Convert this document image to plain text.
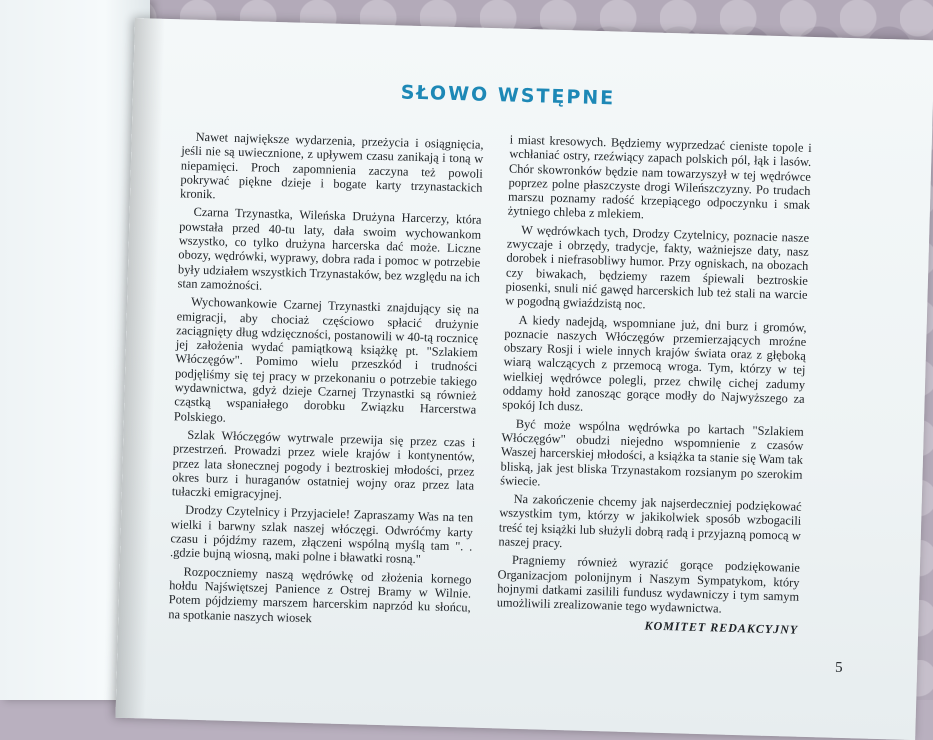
SŁOWO WSTĘPNE

Nawet największe wydarzenia, przeżycia i osiągnięcia, jeśli nie są uwiecznione, z upływem czasu zanikają i toną w niepamięci. Proch zapomnienia zaczyna też powoli pokrywać piękne dzieje i bogate karty trzynastackich kronik.

Czarna Trzynastka, Wileńska Drużyna Harcerzy, która powstała przed 40-tu laty, dała swoim wychowankom wszystko, co tylko drużyna harcerska dać może. Liczne obozy, wędrówki, wyprawy, dobra rada i pomoc w potrzebie były udziałem wszystkich Trzynastaków, bez względu na ich stan zamożności.

Wychowankowie Czarnej Trzynastki znajdujący się na emigracji, aby chociaż częściowo spłacić drużynie zaciągnięty dług wdzięczności, postanowili w 40-tą rocznicę jej założenia wydać pamiątkową książkę pt. "Szlakiem Włóczęgów". Pomimo wielu przeszkód i trudności podjęliśmy się tej pracy w przekonaniu o potrzebie takiego wydawnictwa, gdyż dzieje Czarnej Trzynastki są również cząstką wspaniałego dorobku Związku Harcerstwa Polskiego.

Szlak Włóczęgów wytrwale przewija się przez czas i przestrzeń. Prowadzi przez wiele krajów i kontynentów, przez lata słonecznej pogody i beztroskiej młodości, przez okres burz i huraganów ostatniej wojny oraz przez lata tułaczki emigracyjnej.

Drodzy Czytelnicy i Przyjaciele! Zapraszamy Was na ten wielki i barwny szlak naszej włóczęgi. Odwróćmy karty czasu i pójdźmy razem, złączeni wspólną myślą tam ". . .gdzie bujną wiosną, maki polne i bławatki rosną."

Rozpoczniemy naszą wędrówkę od złożenia kornego hołdu Najświętszej Panience z Ostrej Bramy w Wilnie. Potem pójdziemy marszem harcerskim naprzód ku słońcu, na spotkanie naszych wiosek

i miast kresowych. Będziemy wyprzedzać cieniste topole i wchłaniać ostry, rzeźwiący zapach polskich pól, łąk i lasów. Chór skowronków będzie nam towarzyszył w tej wędrówce poprzez polne płaszczyste drogi Wileńszczyzny. Po trudach marszu poznamy radość krzepiącego odpoczynku i smak żytniego chleba z mlekiem.

W wędrówkach tych, Drodzy Czytelnicy, poznacie nasze zwyczaje i obrzędy, tradycje, fakty, ważniejsze daty, nasz dorobek i niefrasobliwy humor. Przy ogniskach, na obozach czy biwakach, będziemy razem śpiewali beztroskie piosenki, snuli nić gawęd harcerskich lub też stali na warcie w pogodną gwiaździstą noc.

A kiedy nadejdą, wspomniane już, dni burz i gromów, poznacie naszych Włóczęgów przemierzających mroźne obszary Rosji i wiele innych krajów świata oraz z głęboką wiarą walczących z przemocą wroga. Tym, którzy w tej wielkiej wędrówce polegli, przez chwilę cichej zadumy oddamy hołd zanosząc gorące modły do Najwyższego za spokój Ich dusz.

Być może wspólna wędrówka po kartach "Szlakiem Włóczęgów" obudzi niejedno wspomnienie z czasów Waszej harcerskiej młodości, a książka ta stanie się Wam tak bliską, jak jest bliska Trzynastakom rozsianym po szerokim świecie.

Na zakończenie chcemy jak najserdeczniej podziękować wszystkim tym, którzy w jakikolwiek sposób wzbogacili treść tej książki lub służyli dobrą radą i przyjazną pomocą w naszej pracy.

Pragniemy również wyrazić gorące podziękowanie Organizacjom polonijnym i Naszym Sympatykom, który hojnymi datkami zasilili fundusz wydawniczy i tym samym umożliwili zrealizowanie tego wydawnictwa.

KOMITET REDAKCYJNY
5
